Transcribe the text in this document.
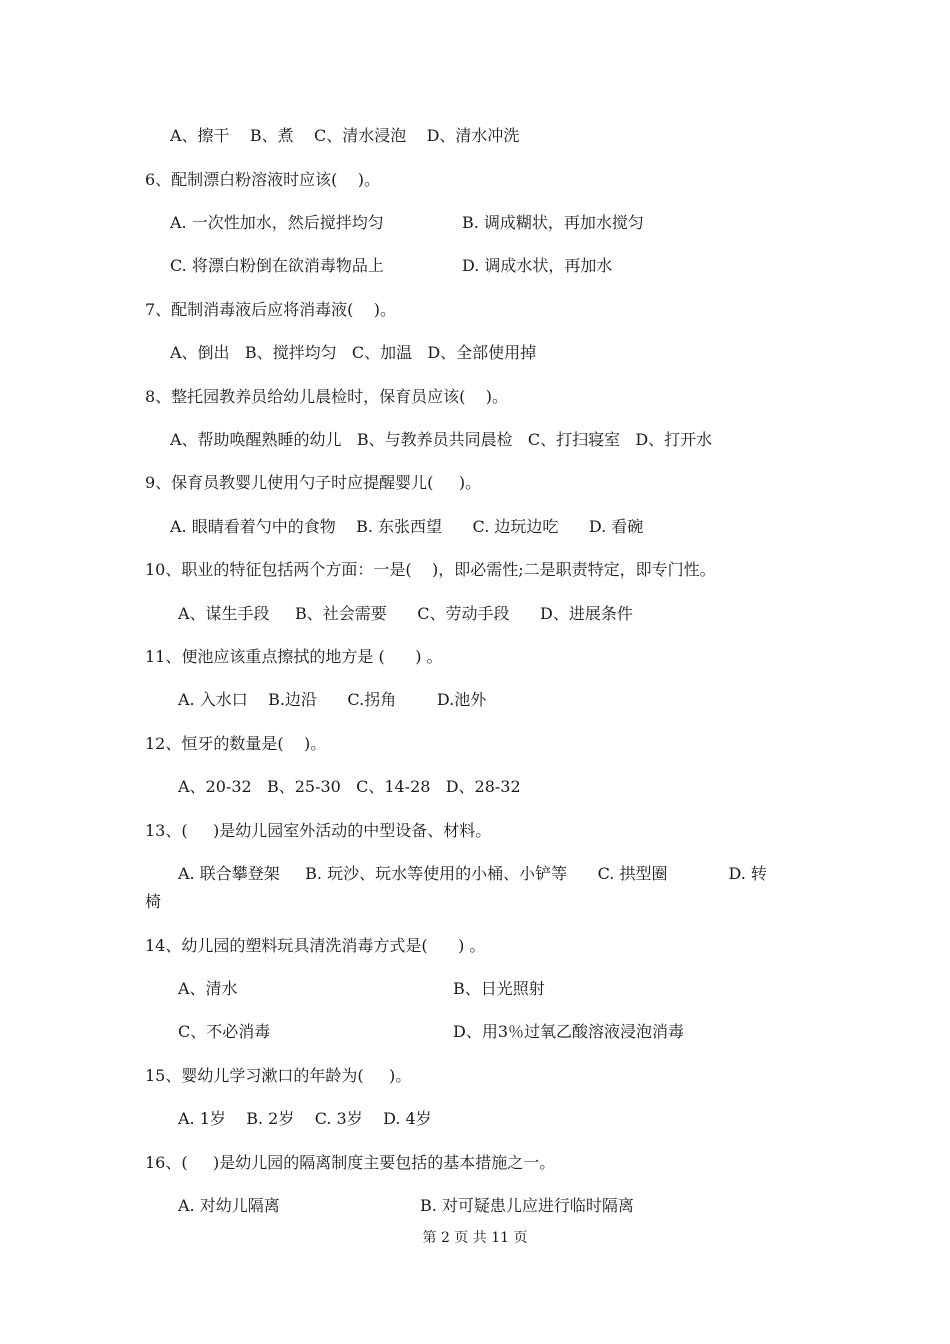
A、擦干    B、煮    C、清水浸泡    D、清水冲洗
6、配制漂白粉溶液时应该(    )。
A. 一次性加水，然后搅拌均匀	B. 调成糊状，再加水搅匀
C. 将漂白粉倒在欲消毒物品上	D. 调成水状，再加水
7、配制消毒液后应将消毒液(    )。
A、倒出   B、搅拌均匀   C、加温   D、全部使用掉
8、整托园教养员给幼儿晨检时，保育员应该(    )。
A、帮助唤醒熟睡的幼儿   B、与教养员共同晨检   C、打扫寝室   D、打开水
9、保育员教婴儿使用勺子时应提醒婴儿(     )。
A. 眼睛看着勺中的食物    B. 东张西望      C. 边玩边吃      D. 看碗
10、职业的特征包括两个方面：一是(    )，即必需性;二是职责特定，即专门性。
A、谋生手段     B、社会需要      C、劳动手段      D、进展条件
11、便池应该重点擦拭的地方是 (      ) 。
A. 入水口    B.边沿      C.拐角        D.池外
12、恒牙的数量是(    )。
A、20-32   B、25-30   C、14-28   D、28-32
13、(     )是幼儿园室外活动的中型设备、材料。
A. 联合攀登架     B. 玩沙、玩水等使用的小桶、小铲等      C. 拱型圈            D. 转
椅
14、幼儿园的塑料玩具清洗消毒方式是(      ) 。
A、清水	B、日光照射
C、不必消毒	D、用3％过氧乙酸溶液浸泡消毒
15、婴幼儿学习漱口的年龄为(     )。
A. 1岁    B. 2岁    C. 3岁    D. 4岁
16、(     )是幼儿园的隔离制度主要包括的基本措施之一。
A. 对幼儿隔离	B. 对可疑患儿应进行临时隔离
第 2 页 共 11 页
